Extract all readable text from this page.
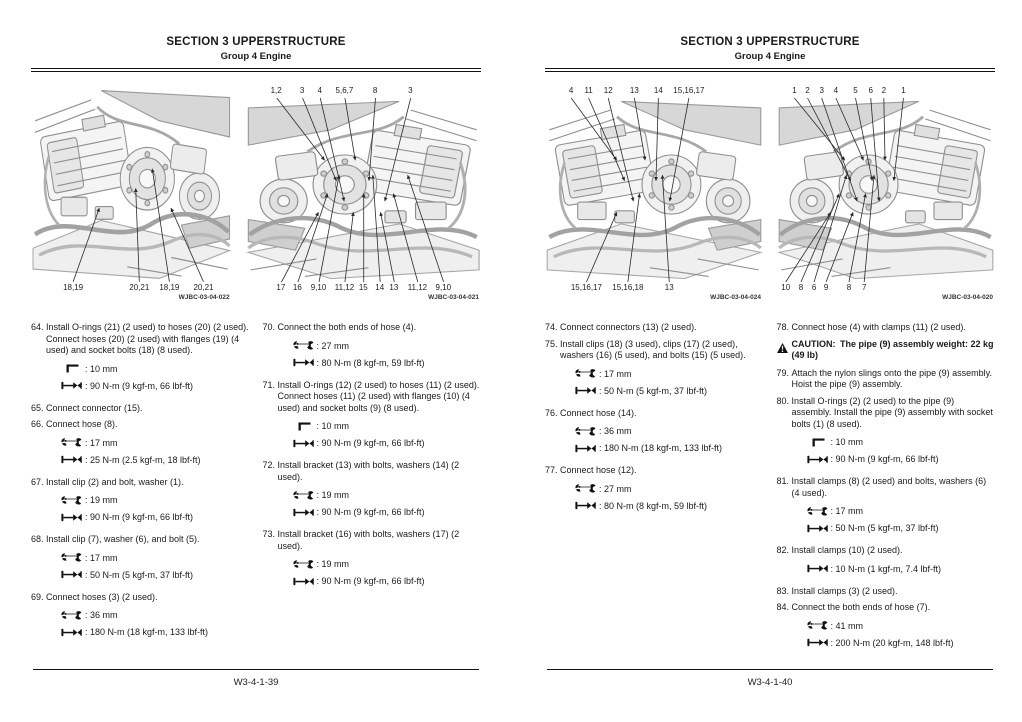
SECTION 3 UPPERSTRUCTURE
Group 4 Engine
18,19	20,21 18,19 20,21
WJBC-03-04-022
1,2 3 4 5,6,7 8	3
17 16 9,10 11,12 15 14 13 11,12 9,10
WJBC-03-04-021
64. Install O-rings (21) (2 used) to hoses (20) (2 used). Connect hoses (20) (2 used) with flanges (19) (4 used) and socket bolts (18) (8 used).
: 10 mm
: 90 N-m (9 kgf-m, 66 lbf-ft)
65. Connect connector (15).
66. Connect hose (8).
: 17 mm
: 25 N-m (2.5 kgf-m, 18 lbf-ft)
67. Install clip (2) and bolt, washer (1).
: 19 mm
: 90 N-m (9 kgf-m, 66 lbf-ft)
68. Install clip (7), washer (6), and bolt (5).
: 17 mm
: 50 N-m (5 kgf-m, 37 lbf-ft)
69. Connect hoses (3) (2 used).
: 36 mm
: 180 N-m (18 kgf-m, 133 lbf-ft)
70. Connect the both ends of hose (4).
: 27 mm
: 80 N-m (8 kgf-m, 59 lbf-ft)
71. Install O-rings (12) (2 used) to hoses (11) (2 used). Connect hoses (11) (2 used) with flanges (10) (4 used) and socket bolts (9) (8 used).
: 10 mm
: 90 N-m (9 kgf-m, 66 lbf-ft)
72. Install bracket (13) with bolts, washers (14) (2 used).
: 19 mm
: 90 N-m (9 kgf-m, 66 lbf-ft)
73. Install bracket (16) with bolts, washers (17) (2 used).
: 19 mm
: 90 N-m (9 kgf-m, 66 lbf-ft)
W3-4-1-39
SECTION 3 UPPERSTRUCTURE
Group 4 Engine
4 11 12 13 14 15,16,17
15,16,17 15,16,18	13
WJBC-03-04-024
1 2 3 4 5 6 2 1
10 8 6 9 8 7
WJBC-03-04-020
74. Connect connectors (13) (2 used).
75. Install clips (18) (3 used), clips (17) (2 used), washers (16) (5 used), and bolts (15) (5 used).
: 17 mm
: 50 N-m (5 kgf-m, 37 lbf-ft)
76. Connect hose (14).
: 36 mm
: 180 N-m (18 kgf-m, 133 lbf-ft)
77. Connect hose (12).
: 27 mm
: 80 N-m (8 kgf-m, 59 lbf-ft)
78. Connect hose (4) with clamps (11) (2 used).
CAUTION:  The pipe (9) assembly weight: 22 kg (49 lb)
79. Attach the nylon slings onto the pipe (9) assembly. Hoist the pipe (9) assembly.
80. Install O-rings (2) (2 used) to the pipe (9) assembly. Install the pipe (9) assembly with socket bolts (1) (8 used).
: 10 mm
: 90 N-m (9 kgf-m, 66 lbf-ft)
81. Install clamps (8) (2 used) and bolts, washers (6) (4 used).
: 17 mm
: 50 N-m (5 kgf-m, 37 lbf-ft)
82. Install clamps (10) (2 used).
: 10 N-m (1 kgf-m, 7.4 lbf-ft)
83. Install clamps (3) (2 used).
84. Connect the both ends of hose (7).
: 41 mm
: 200 N-m (20 kgf-m, 148 lbf-ft)
W3-4-1-40
